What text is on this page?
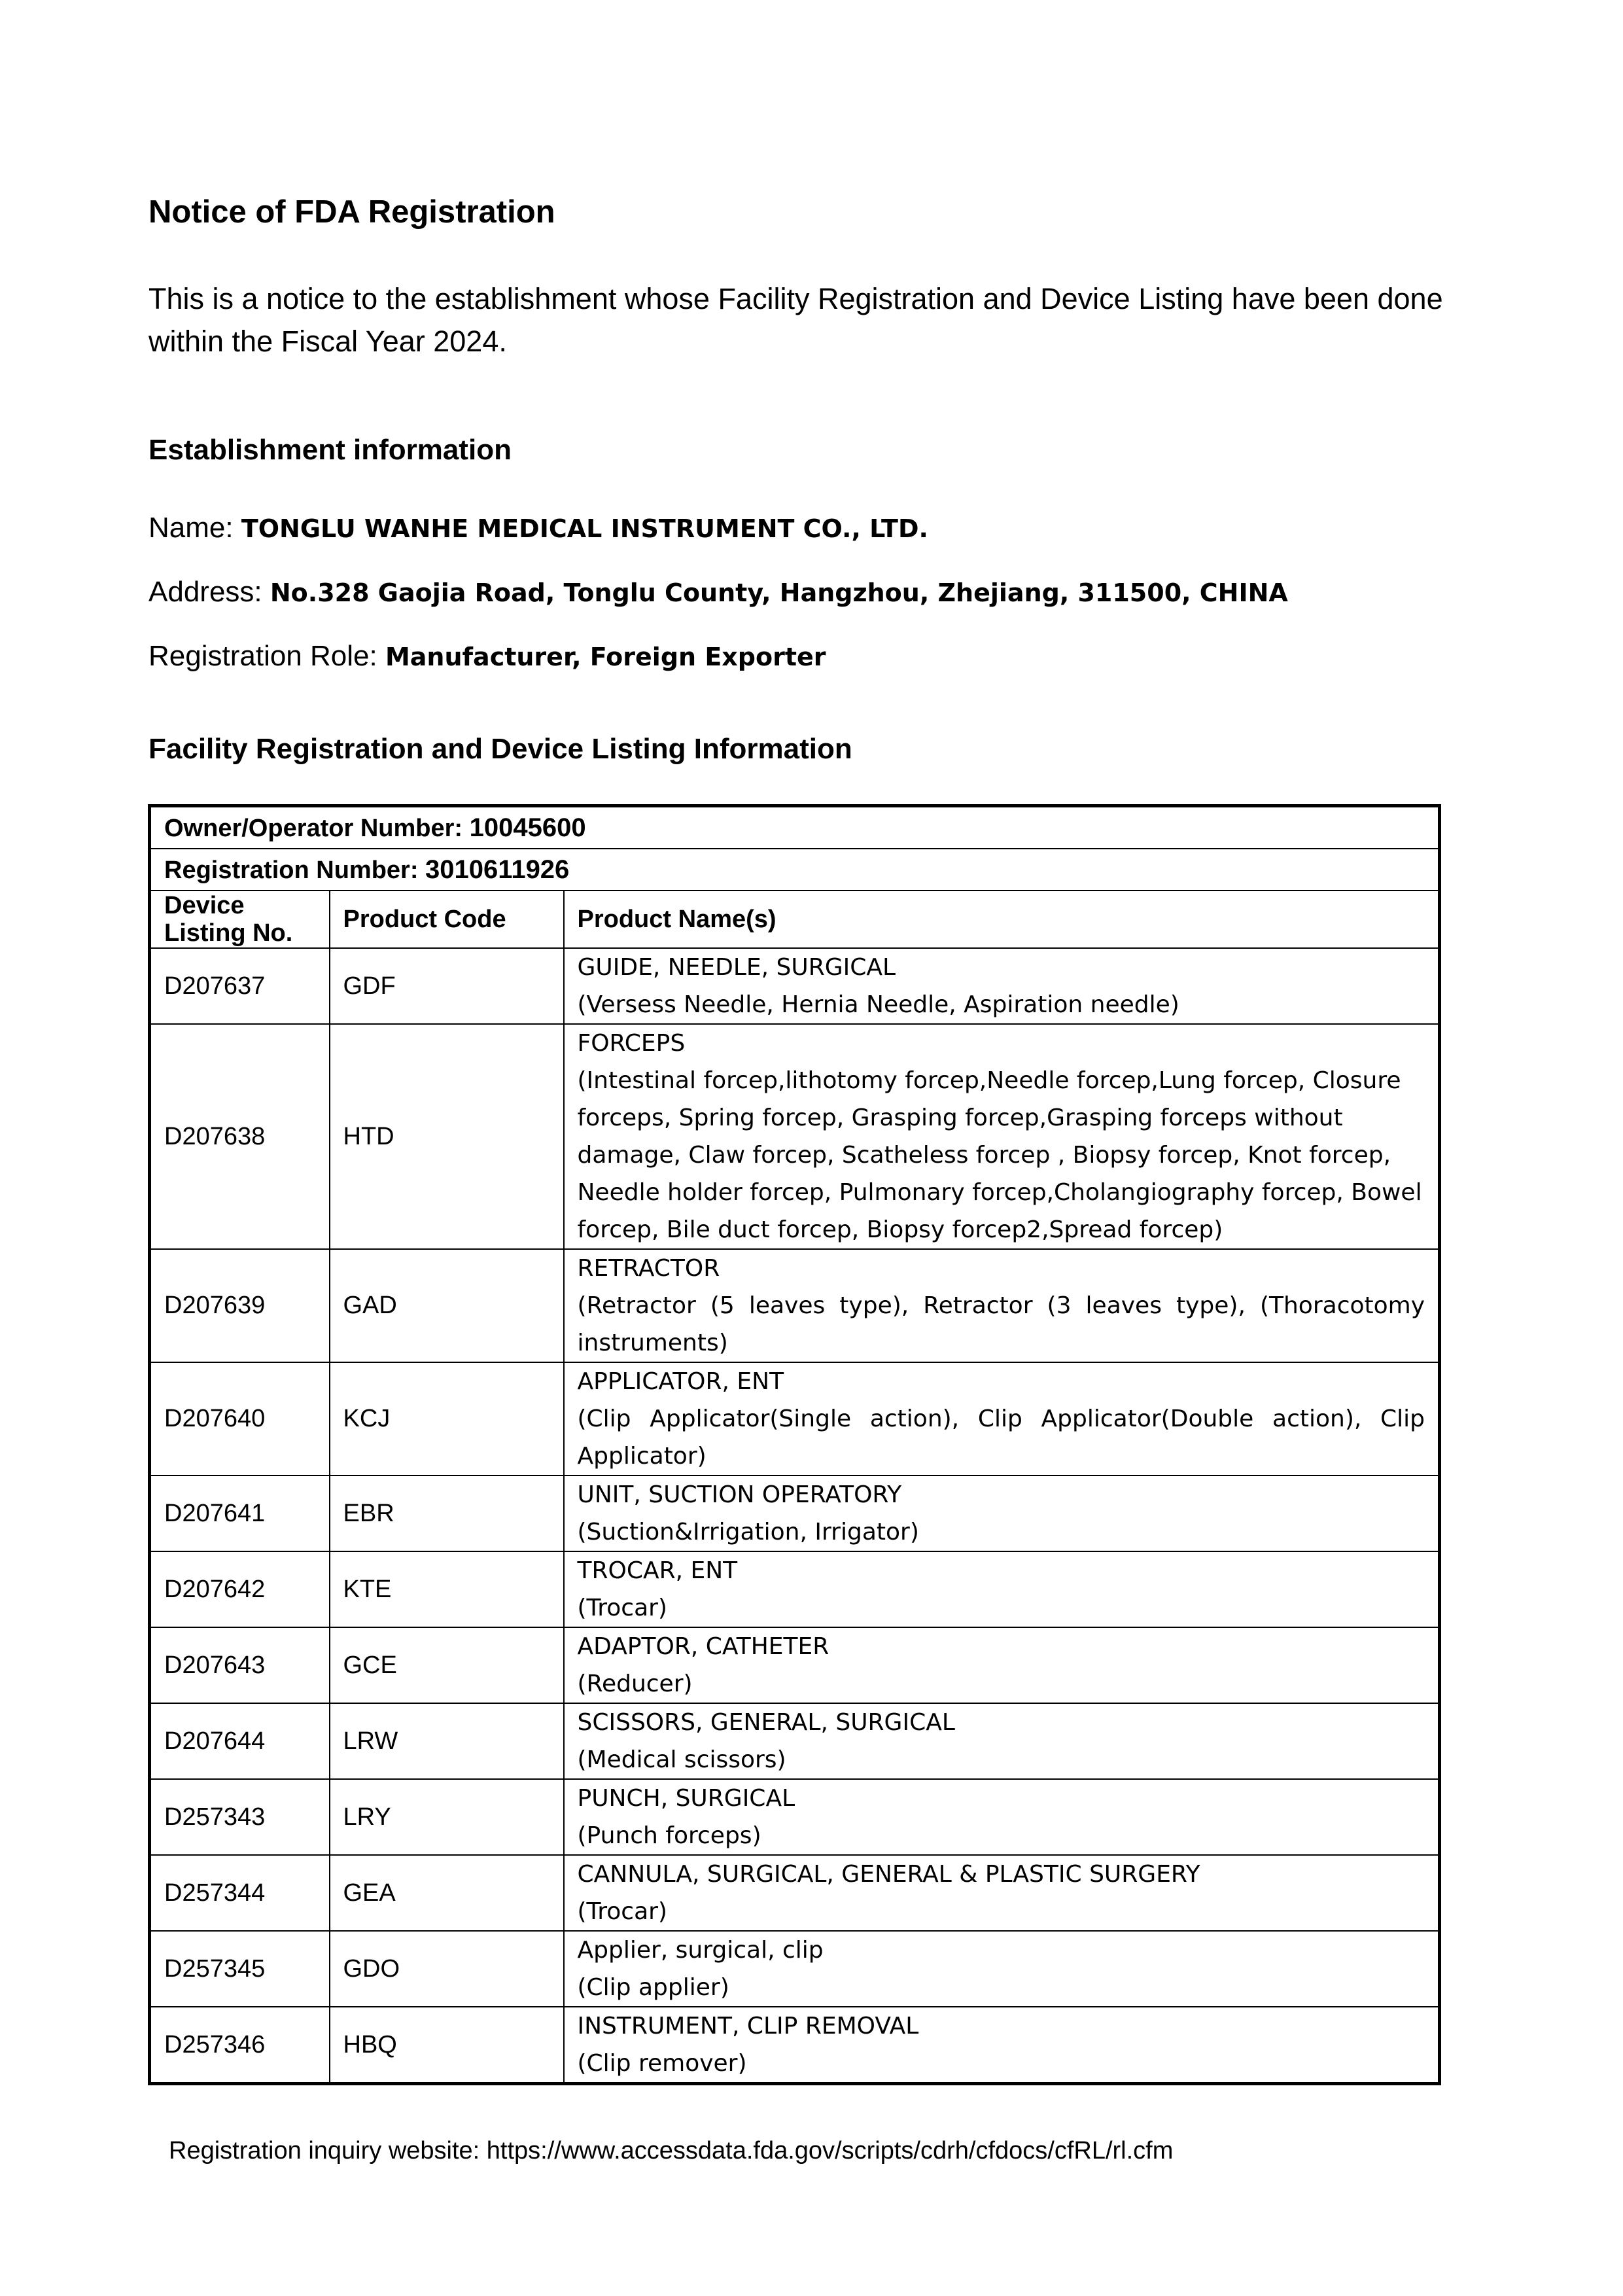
Notice of FDA Registration
This is a notice to the establishment whose Facility Registration and Device Listing have been done within the Fiscal Year 2024.
Establishment information
Name: TONGLU WANHE MEDICAL INSTRUMENT CO., LTD.
Address: No.328 Gaojia Road, Tonglu County, Hangzhou, Zhejiang, 311500, CHINA
Registration Role: Manufacturer, Foreign Exporter
Facility Registration and Device Listing Information
Owner/Operator Number: 10045600		
Registration Number: 3010611926		
Device Listing No.	Product Code	Product Name(s)
D207637	GDF	GUIDE, NEEDLE, SURGICAL
(Versess Needle, Hernia Needle, Aspiration needle)

D207638	HTD	FORCEPS
(Intestinal forcep,lithotomy forcep,Needle forcep,Lung forcep, Closure forceps, Spring forcep, Grasping forcep,Grasping forceps without damage, Claw forcep, Scatheless forcep , Biopsy forcep, Knot forcep, Needle holder forcep, Pulmonary forcep,Cholangiography forcep, Bowel forcep, Bile duct forcep, Biopsy forcep2,Spread forcep)

D207639	GAD	RETRACTOR
(Retractor (5 leaves type), Retractor (3 leaves type), (Thoracotomy instruments)

D207640	KCJ	APPLICATOR, ENT
(Clip Applicator(Single action), Clip Applicator(Double action), Clip Applicator)

D207641	EBR	UNIT, SUCTION OPERATORY
(Suction&Irrigation, Irrigator)

D207642	KTE	TROCAR, ENT
(Trocar)

D207643	GCE	ADAPTOR, CATHETER
(Reducer)

D207644	LRW	SCISSORS, GENERAL, SURGICAL
(Medical scissors)

D257343	LRY	PUNCH, SURGICAL
(Punch forceps)

D257344	GEA	CANNULA, SURGICAL, GENERAL & PLASTIC SURGERY
(Trocar)

D257345	GDO	Applier, surgical, clip
(Clip applier)

D257346	HBQ	INSTRUMENT, CLIP REMOVAL
(Clip remover)
Registration inquiry website: https://www.accessdata.fda.gov/scripts/cdrh/cfdocs/cfRL/rl.cfm
